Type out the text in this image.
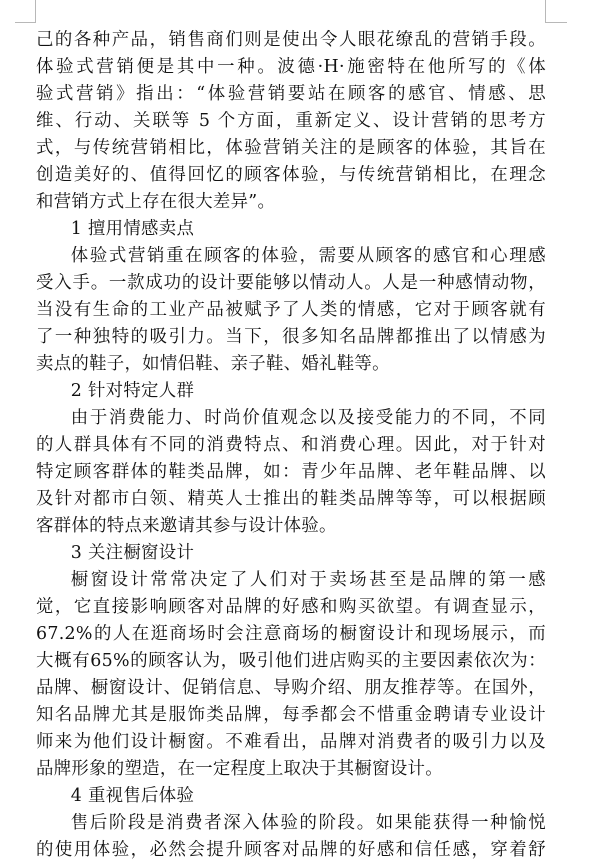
己的各种产品，销售商们则是使出令人眼花缭乱的营销手段。

体验式营销便是其中一种。波德·H·施密特在他所写的《体

验式营销》指出：“体验营销要站在顾客的感官、情感、思

维、行动、关联等 5 个方面，重新定义、设计营销的思考方

式，与传统营销相比，体验营销关注的是顾客的体验，其旨在

创造美好的、值得回忆的顾客体验，与传统营销相比，在理念

和营销方式上存在很大差异”。

1 擅用情感卖点

体验式营销重在顾客的体验，需要从顾客的感官和心理感

受入手。一款成功的设计要能够以情动人。人是一种感情动物，

当没有生命的工业产品被赋予了人类的情感，它对于顾客就有

了一种独特的吸引力。当下，很多知名品牌都推出了以情感为

卖点的鞋子，如情侣鞋、亲子鞋、婚礼鞋等。

2 针对特定人群

由于消费能力、时尚价值观念以及接受能力的不同，不同

的人群具体有不同的消费特点、和消费心理。因此，对于针对

特定顾客群体的鞋类品牌，如：青少年品牌、老年鞋品牌、以

及针对都市白领、精英人士推出的鞋类品牌等等，可以根据顾

客群体的特点来邀请其参与设计体验。

3 关注橱窗设计

橱窗设计常常决定了人们对于卖场甚至是品牌的第一感

觉，它直接影响顾客对品牌的好感和购买欲望。有调查显示，

67.2%的人在逛商场时会注意商场的橱窗设计和现场展示，而

大概有65%的顾客认为，吸引他们进店购买的主要因素依次为：

品牌、橱窗设计、促销信息、导购介绍、朋友推荐等。在国外，

知名品牌尤其是服饰类品牌，每季都会不惜重金聘请专业设计

师来为他们设计橱窗。不难看出，品牌对消费者的吸引力以及

品牌形象的塑造，在一定程度上取决于其橱窗设计。

4 重视售后体验

售后阶段是消费者深入体验的阶段。如果能获得一种愉悦

的使用体验，必然会提升顾客对品牌的好感和信任感，穿着舒
